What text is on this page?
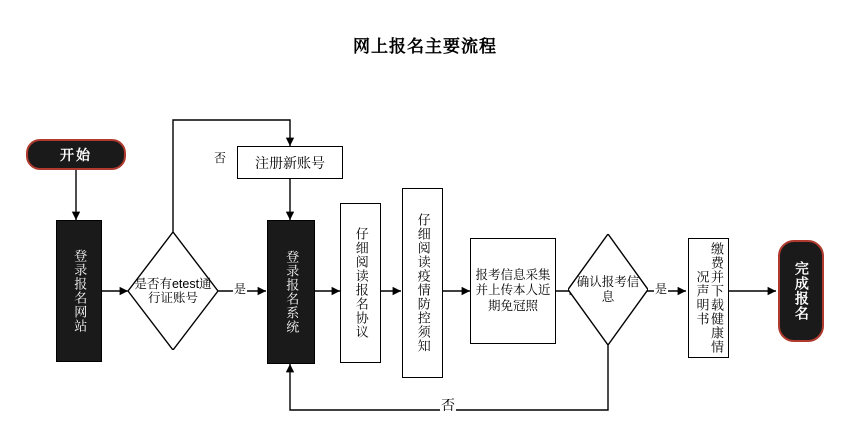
网上报名主要流程
开始
登录报名网站	是否有etest通行证账号
注册新账号
登录报名系统	仔细阅读报名协议	仔细阅读疫情防控须知	报考信息采集并上传本人近期免冠照
确认报考信息	缴费并下载健康情况声明书	完成报名
否
是	是
否
